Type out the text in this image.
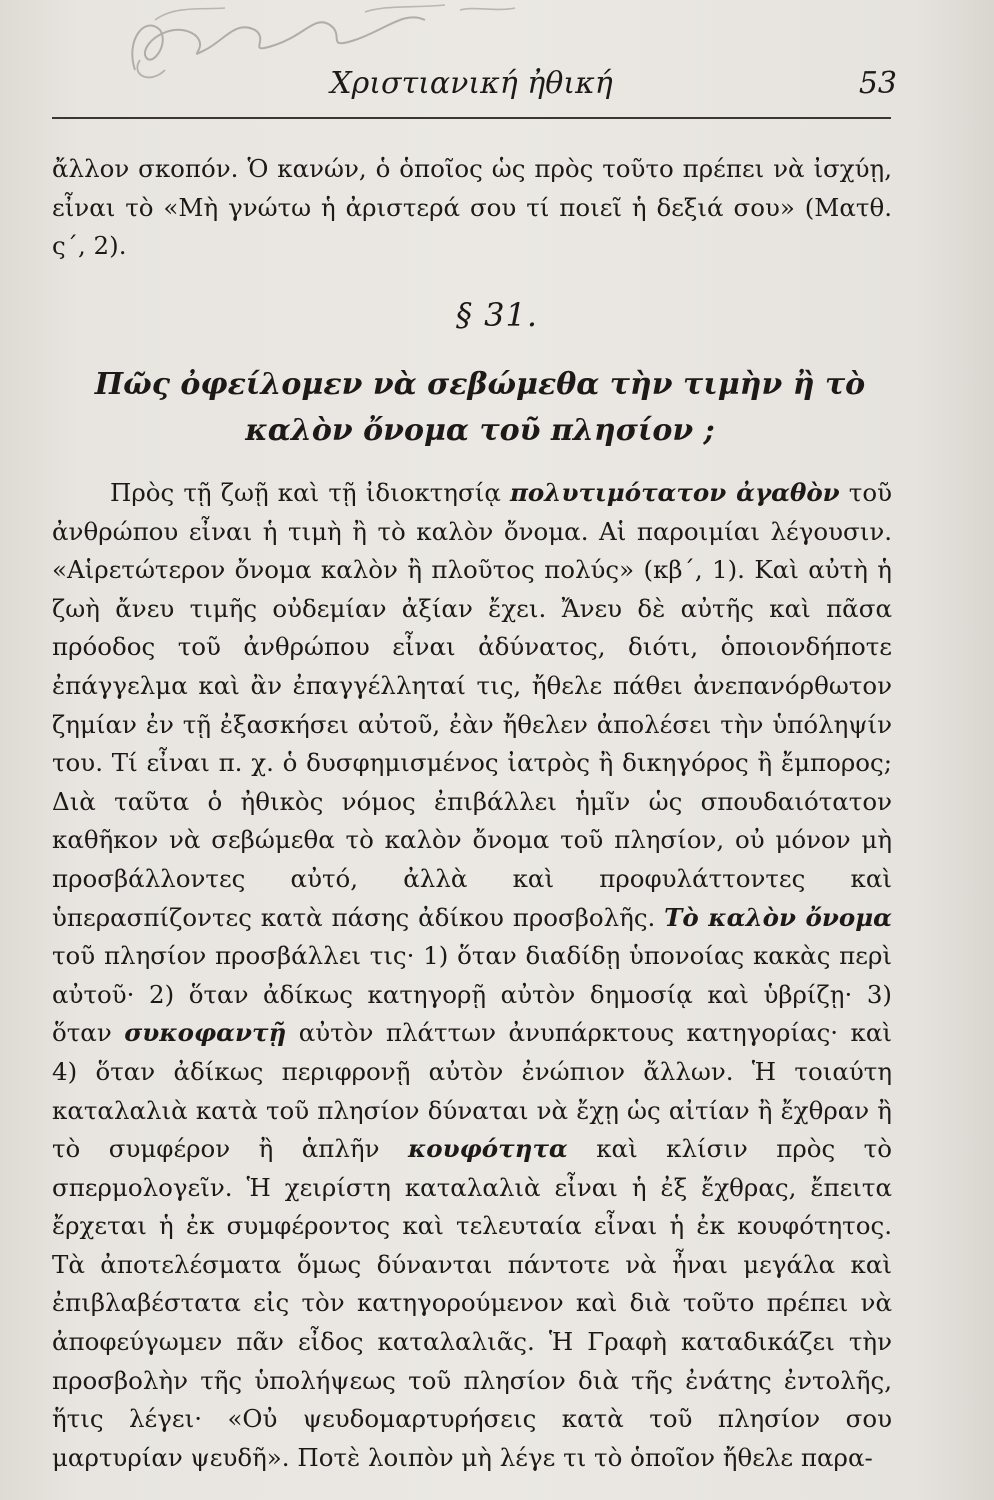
Χριστιανική ἠθική	53
ἄλλον σκοπόν. Ὁ κανών, ὁ ὁποῖος ὡς πρὸς τοῦτο πρέπει νὰ ἰσχύῃ, εἶναι τὸ «Μὴ γνώτω ἡ ἀριστερά σου τί ποιεῖ ἡ δεξιά σου» (Ματθ. ς΄, 2).
§ 31.
Πῶς ὀφείλομεν νὰ σεβώμεθα τὴν τιμὴν ἢ τὸ καλὸν ὄνομα τοῦ πλησίον ;
Πρὸς τῇ ζωῇ καὶ τῇ ἰδιοκτησίᾳ πολυτιμότατον ἀγαθὸν τοῦ ἀνθρώπου εἶναι ἡ τιμὴ ἢ τὸ καλὸν ὄνομα. Αἱ παροιμίαι λέγουσιν. «Αἱρετώτερον ὄνομα καλὸν ἢ πλοῦτος πολύς» (κβ΄, 1). Καὶ αὐτὴ ἡ ζωὴ ἄνευ τιμῆς οὐδεμίαν ἀξίαν ἔχει. Ἄνευ δὲ αὐτῆς καὶ πᾶσα πρόοδος τοῦ ἀνθρώπου εἶναι ἀδύνατος, διότι, ὁποιονδήποτε ἐπάγγελμα καὶ ἂν ἐπαγγέλληταί τις, ἤθελε πάθει ἀνεπανόρθωτον ζημίαν ἐν τῇ ἐξασκήσει αὐτοῦ, ἐὰν ἤθελεν ἀπολέσει τὴν ὑπόληψίν του. Τί εἶναι π. χ. ὁ δυσφημισμένος ἰατρὸς ἢ δικηγόρος ἢ ἔμπορος; Διὰ ταῦτα ὁ ἠθικὸς νόμος ἐπιβάλλει ἡμῖν ὡς σπουδαιότατον καθῆκον νὰ σεβώμεθα τὸ καλὸν ὄνομα τοῦ πλησίον, οὐ μόνον μὴ προσβάλλοντες αὐτό, ἀλλὰ καὶ προφυλάττοντες καὶ ὑπερασπίζοντες κατὰ πάσης ἀδίκου προσβολῆς. Τὸ καλὸν ὄνομα τοῦ πλησίον προσβάλλει τις· 1) ὅταν διαδίδῃ ὑπονοίας κακὰς περὶ αὐτοῦ· 2) ὅταν ἀδίκως κατηγορῇ αὐτὸν δημοσίᾳ καὶ ὑβρίζῃ· 3) ὅταν συκοφαντῇ αὐτὸν πλάττων ἀνυπάρκτους κατηγορίας· καὶ 4) ὅταν ἀδίκως περιφρονῇ αὐτὸν ἐνώπιον ἄλλων. Ἡ τοιαύτη καταλαλιὰ κατὰ τοῦ πλησίον δύναται νὰ ἔχῃ ὡς αἰτίαν ἢ ἔχθραν ἢ τὸ συμφέρον ἢ ἁπλῆν κουφότητα καὶ κλίσιν πρὸς τὸ σπερμολογεῖν. Ἡ χειρίστη καταλαλιὰ εἶναι ἡ ἐξ ἔχθρας, ἔπειτα ἔρχεται ἡ ἐκ συμφέροντος καὶ τελευταία εἶναι ἡ ἐκ κουφότητος. Τὰ ἀποτελέσματα ὅμως δύνανται πάντοτε νὰ ἦναι μεγάλα καὶ ἐπιβλαβέστατα εἰς τὸν κατηγορούμενον καὶ διὰ τοῦτο πρέπει νὰ ἀποφεύγωμεν πᾶν εἶδος καταλαλιᾶς. Ἡ Γραφὴ καταδικάζει τὴν προσβολὴν τῆς ὑπολήψεως τοῦ πλησίον διὰ τῆς ἐνάτης ἐντολῆς, ἥτις λέγει· «Οὐ ψευδομαρτυρήσεις κατὰ τοῦ πλησίον σου μαρτυρίαν ψευδῆ». Ποτὲ λοιπὸν μὴ λέγε τι τὸ ὁποῖον ἤθελε παρα-
